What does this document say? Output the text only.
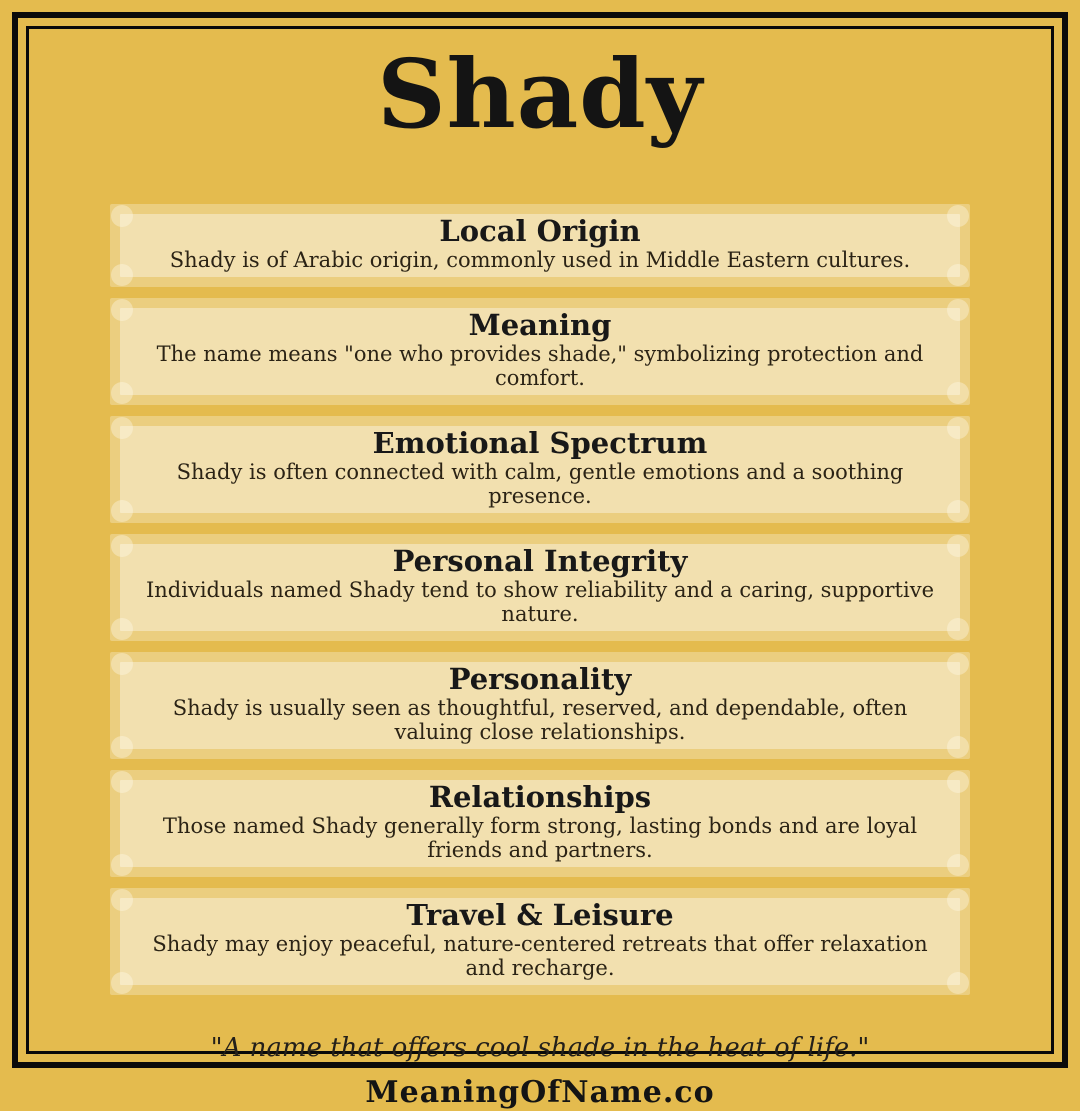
Shady
Local Origin

Shady is of Arabic origin, commonly used in Middle Eastern cultures.

Meaning

The name means "one who provides shade," symbolizing protection and comfort.

Emotional Spectrum

Shady is often connected with calm, gentle emotions and a soothing presence.

Personal Integrity

Individuals named Shady tend to show reliability and a caring, supportive nature.

Personality

Shady is usually seen as thoughtful, reserved, and dependable, often valuing close relationships.

Relationships

Those named Shady generally form strong, lasting bonds and are loyal friends and partners.

Travel & Leisure

Shady may enjoy peaceful, nature-centered retreats that offer relaxation and recharge.

"A name that offers cool shade in the heat of life."

MeaningOfName.co
